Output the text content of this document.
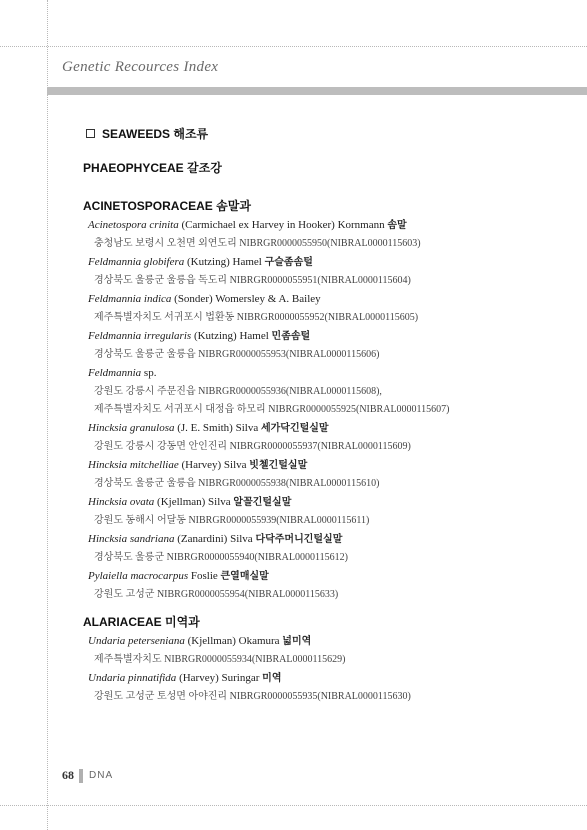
Genetic Recources Index
SEAWEEDS 해조류
PHAEOPHYCEAE 갈조강
ACINETOSPORACEAE 솜말과
Acinetospora crinita (Carmichael ex Harvey in Hooker) Kornmann 솜말
충청남도 보령시 오천면 외연도리 NIBRGR0000055950(NIBRAL0000115603)
Feldmannia globifera (Kutzing) Hamel 구슬좀솜털
경상북도 울릉군 울릉읍 독도리 NIBRGR0000055951(NIBRAL0000115604)
Feldmannia indica (Sonder) Womersley & A. Bailey
제주특별자치도 서귀포시 법환동 NIBRGR0000055952(NIBRAL0000115605)
Feldmannia irregularis (Kutzing) Hamel 민좀솜털
경상북도 울릉군 울릉읍 NIBRGR0000055953(NIBRAL0000115606)
Feldmannia sp.
강원도 강릉시 주문진읍 NIBRGR0000055936(NIBRAL0000115608),
제주특별자치도 서귀포시 대정읍 하모리 NIBRGR0000055925(NIBRAL0000115607)
Hincksia granulosa (J. E. Smith) Silva 세가닥긴털실말
강원도 강릉시 강동면 안인진리 NIBRGR0000055937(NIBRAL0000115609)
Hincksia mitchelliae (Harvey) Silva 빗첼긴털실말
경상북도 울릉군 울릉읍 NIBRGR0000055938(NIBRAL0000115610)
Hincksia ovata (Kjellman) Silva 알꼴긴털실말
강원도 동해시 어달동 NIBRGR0000055939(NIBRAL0000115611)
Hincksia sandriana (Zanardini) Silva 다닥주머니긴털실말
경상북도 울릉군 NIBRGR0000055940(NIBRAL0000115612)
Pylaiella macrocarpus Foslie 큰열매실말
강원도 고성군 NIBRGR0000055954(NIBRAL0000115633)
ALARIACEAE 미역과
Undaria peterseniana (Kjellman) Okamura 넓미역
제주특별자치도 NIBRGR0000055934(NIBRAL0000115629)
Undaria pinnatifida (Harvey) Suringar 미역
강원도 고성군 토성면 아야진리 NIBRGR0000055935(NIBRAL0000115630)
68 DNA
